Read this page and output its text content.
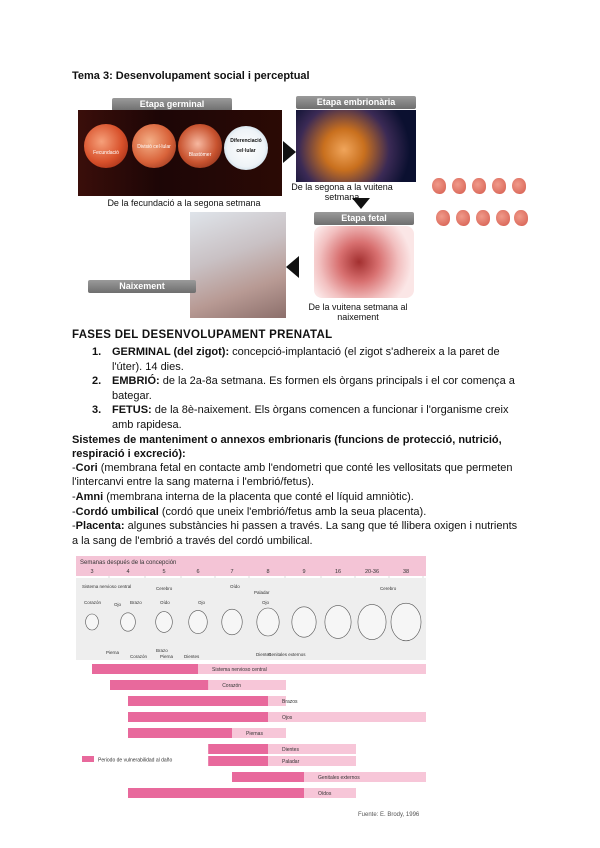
Tema 3: Desenvolupament social i perceptual
Etapa germinal
Fecundació
Divisió cel·lular
Blastòmer
Diferenciació cel·lular
De la fecundació a la segona setmana
Etapa embrionària
De la segona a la vuitena
setmana
Etapa fetal
De la vuitena setmana al
naixement
Naixement
FASES DEL DESENVOLUPAMENT PRENATAL
1. GERMINAL (del zigot): concepció-implantació (el zigot s'adhereix a la paret de
l'úter). 14 dies.
2. EMBRIÓ: de la 2a-8a setmana. Es formen els òrgans principals i el cor comença a
bategar.
3. FETUS: de la 8è-naixement. Els òrgans comencen a funcionar i l'organisme creix
amb rapidesa.
Sistemes de manteniment o annexos embrionaris (funcions de protecció, nutrició,
respiració i excreció):
-Cori (membrana fetal en contacte amb l'endometri que conté les vellositats que permeten
l'intercanvi entre la sang materna i l'embrió/fetus).
-Amni (membrana interna de la placenta que conté el líquid amniòtic).
-Cordó umbilical (cordó que uneix l'embrió/fetus amb la seua placenta).
-Placenta: algunes substàncies hi passen a través. La sang que té llibera oxigen i nutrients
a la sang de l'embrió a través del cordó umbilical.
Semanas después de la concepción
3	4	5	6	7	8	9	16	20-36	38
Sistema nervioso central
Corazón	Ojo Brazo
Cerebro
Oído	Ojo
Oído
Paladar
Ojo
Dientes
Pierna
Corazón
Brazo
Pierna Dientes	Genitales externos
Cerebro
Sistema nervioso central
Corazón
Brazos
Ojos
Piernas
Dientes
Paladar
Genitales externos
Oídos
Periodo de vulnerabilidad al daño
Fuente: E. Brody, 1996
